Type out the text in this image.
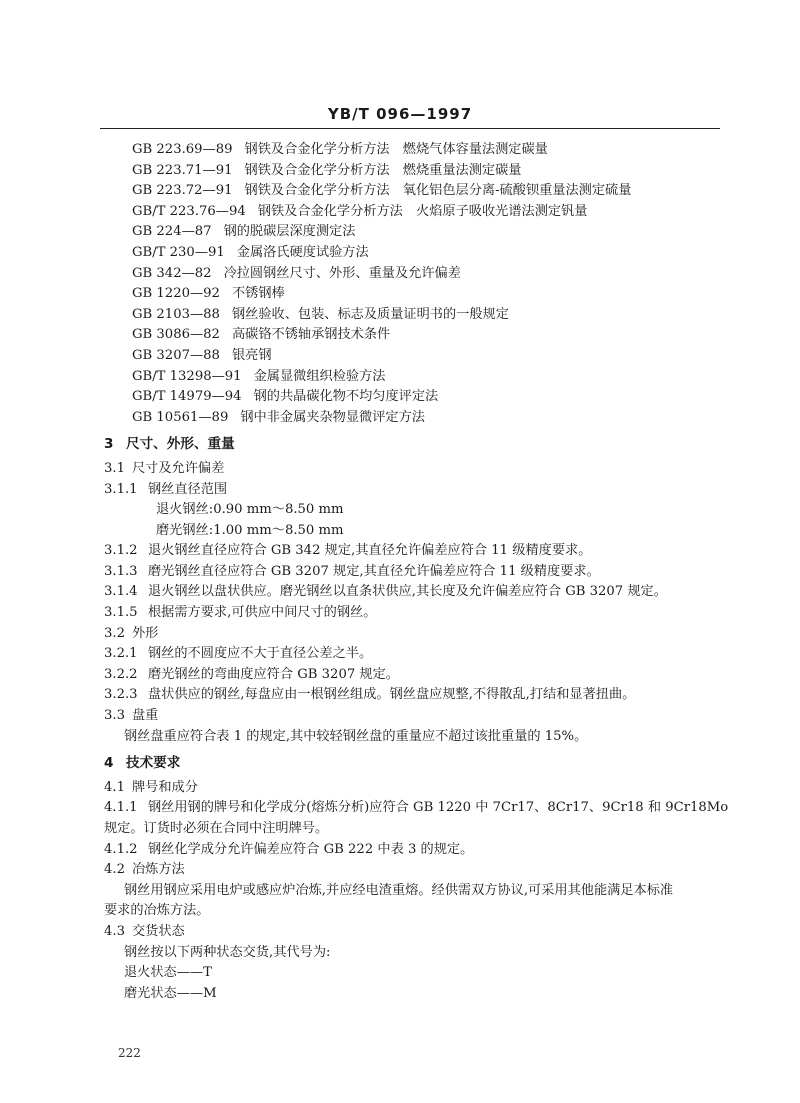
YB/T 096—1997
GB 223.69—89 钢铁及合金化学分析方法　燃烧气体容量法测定碳量
GB 223.71—91 钢铁及合金化学分析方法　燃烧重量法测定碳量
GB 223.72—91 钢铁及合金化学分析方法　氧化铝色层分离-硫酸钡重量法测定硫量
GB/T 223.76—94 钢铁及合金化学分析方法　火焰原子吸收光谱法测定钒量
GB 224—87 钢的脱碳层深度测定法
GB/T 230—91 金属洛氏硬度试验方法
GB 342—82 冷拉圆钢丝尺寸、外形、重量及允许偏差
GB 1220—92 不锈钢棒
GB 2103—88 钢丝验收、包装、标志及质量证明书的一般规定
GB 3086—82 高碳铬不锈轴承钢技术条件
GB 3207—88 银亮钢
GB/T 13298—91 金属显微组织检验方法
GB/T 14979—94 钢的共晶碳化物不均匀度评定法
GB 10561—89 钢中非金属夹杂物显微评定方法
3 尺寸、外形、重量
3.1 尺寸及允许偏差
3.1.1 钢丝直径范围
退火钢丝:0.90 mm～8.50 mm
磨光钢丝:1.00 mm～8.50 mm
3.1.2 退火钢丝直径应符合 GB 342 规定,其直径允许偏差应符合 11 级精度要求。
3.1.3 磨光钢丝直径应符合 GB 3207 规定,其直径允许偏差应符合 11 级精度要求。
3.1.4 退火钢丝以盘状供应。磨光钢丝以直条状供应,其长度及允许偏差应符合 GB 3207 规定。
3.1.5 根据需方要求,可供应中间尺寸的钢丝。
3.2 外形
3.2.1 钢丝的不圆度应不大于直径公差之半。
3.2.2 磨光钢丝的弯曲度应符合 GB 3207 规定。
3.2.3 盘状供应的钢丝,每盘应由一根钢丝组成。钢丝盘应规整,不得散乱,打结和显著扭曲。
3.3 盘重
钢丝盘重应符合表 1 的规定,其中较轻钢丝盘的重量应不超过该批重量的 15%。
4 技术要求
4.1 牌号和成分
4.1.1 钢丝用钢的牌号和化学成分(熔炼分析)应符合 GB 1220 中 7Cr17、8Cr17、9Cr18 和 9Cr18Mo
规定。订货时必须在合同中注明牌号。
4.1.2 钢丝化学成分允许偏差应符合 GB 222 中表 3 的规定。
4.2 冶炼方法
钢丝用钢应采用电炉或感应炉冶炼,并应经电渣重熔。经供需双方协议,可采用其他能满足本标准
要求的冶炼方法。
4.3 交货状态
钢丝按以下两种状态交货,其代号为:
退火状态——T
磨光状态——M
222
